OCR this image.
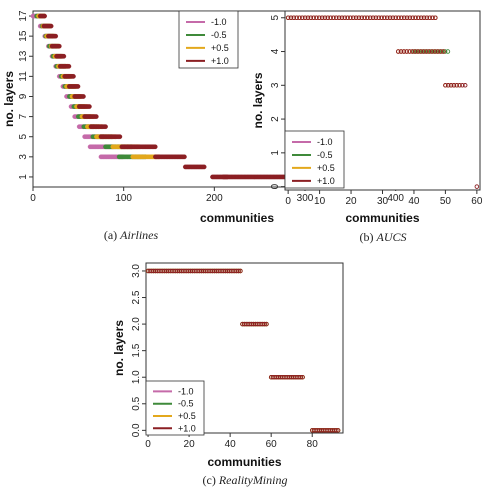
0	100	200	300	400
1
3
5
7
9
11
13
15
17
communities
no. layers
(a) Airlines
-1.0
-0.5
+0.5
+1.0
0 10 20 30 40 50 60
0
1
2
3
4
5
communities
no. layers
(b) AUCS
-1.0
-0.5
+0.5
+1.0
0	20	40	60	80
0.0
0.5
1.0
1.5
2.0
2.5
3.0
communities
no. layers
(c) RealityMining
-1.0
-0.5
+0.5
+1.0
